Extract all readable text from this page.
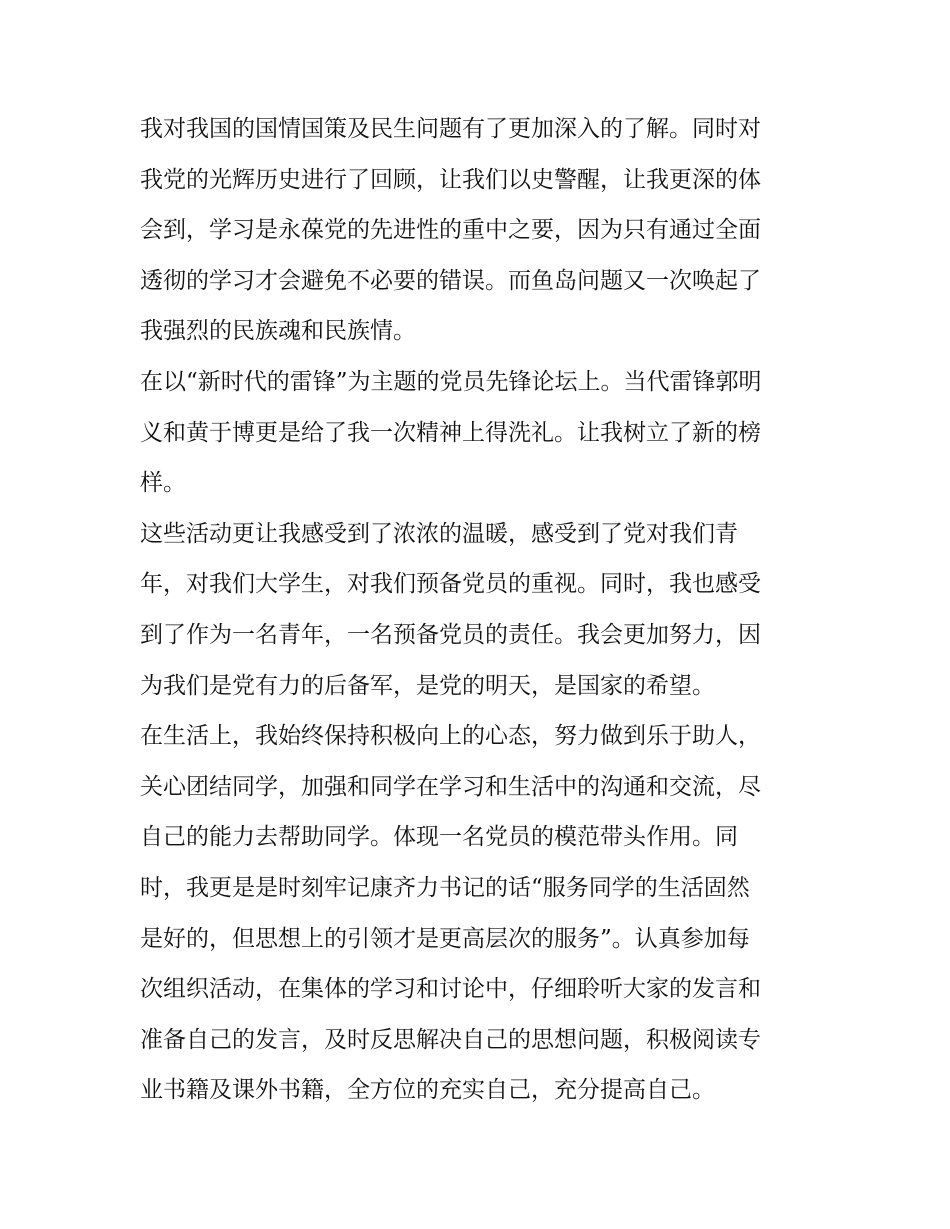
我对我国的国情国策及民生问题有了更加深入的了解。同时对
我党的光辉历史进行了回顾，让我们以史警醒，让我更深的体
会到，学习是永葆党的先进性的重中之要，因为只有通过全面
透彻的学习才会避免不必要的错误。而鱼岛问题又一次唤起了
我强烈的民族魂和民族情。
在以“新时代的雷锋”为主题的党员先锋论坛上。当代雷锋郭明
义和黄于博更是给了我一次精神上得洗礼。让我树立了新的榜
样。
这些活动更让我感受到了浓浓的温暖，感受到了党对我们青
年，对我们大学生，对我们预备党员的重视。同时，我也感受
到了作为一名青年，一名预备党员的责任。我会更加努力，因
为我们是党有力的后备军，是党的明天，是国家的希望。
在生活上，我始终保持积极向上的心态，努力做到乐于助人，
关心团结同学，加强和同学在学习和生活中的沟通和交流，尽
自己的能力去帮助同学。体现一名党员的模范带头作用。同
时，我更是是时刻牢记康齐力书记的话“服务同学的生活固然
是好的，但思想上的引领才是更高层次的服务”。认真参加每
次组织活动，在集体的学习和讨论中，仔细聆听大家的发言和
准备自己的发言，及时反思解决自己的思想问题，积极阅读专
业书籍及课外书籍，全方位的充实自己，充分提高自己。
